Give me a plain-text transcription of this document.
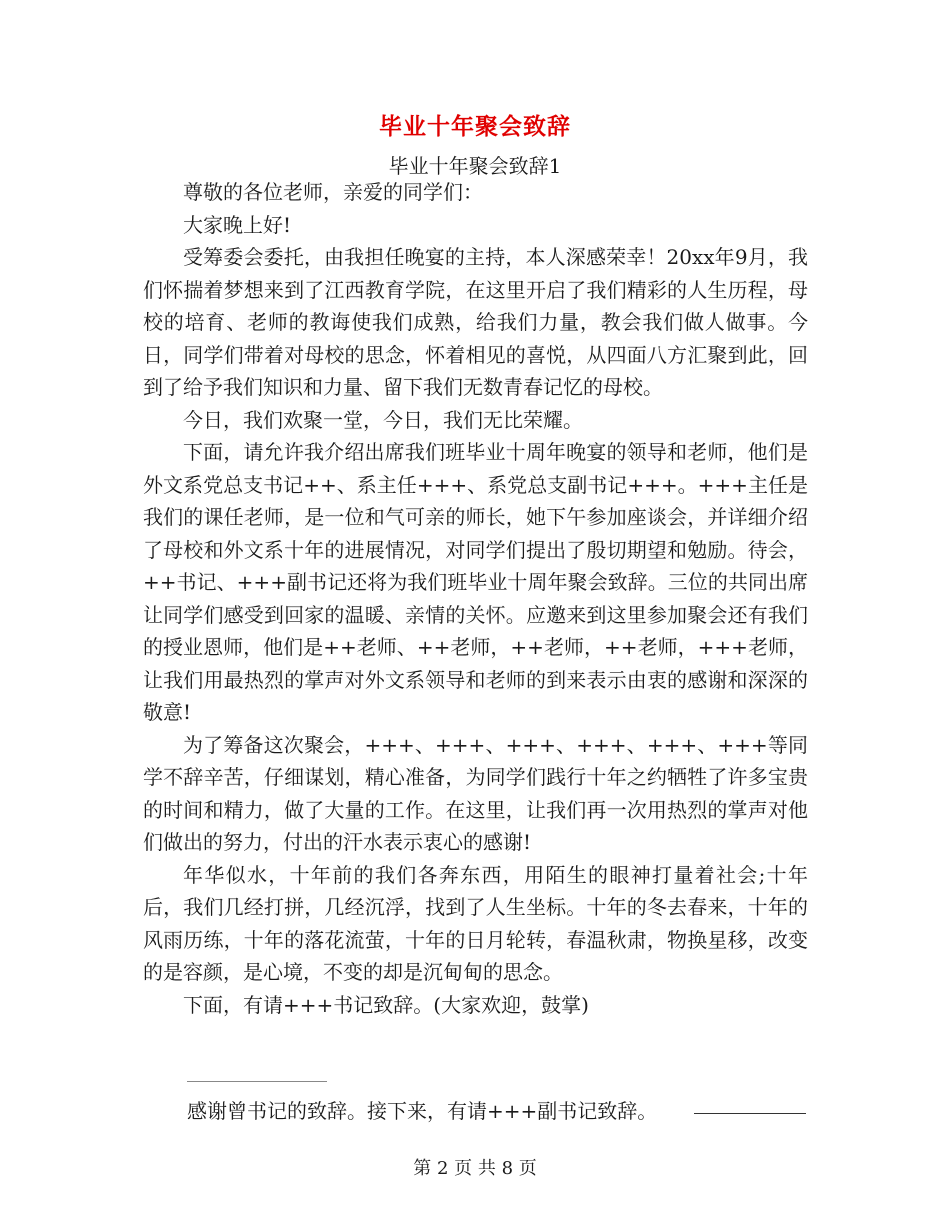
毕业十年聚会致辞
毕业十年聚会致辞1

尊敬的各位老师，亲爱的同学们：

大家晚上好!

受筹委会委托，由我担任晚宴的主持，本人深感荣幸！20xx年9月，我们怀揣着梦想来到了江西教育学院，在这里开启了我们精彩的人生历程，母校的培育、老师的教诲使我们成熟，给我们力量，教会我们做人做事。今日，同学们带着对母校的思念，怀着相见的喜悦，从四面八方汇聚到此，回到了给予我们知识和力量、留下我们无数青春记忆的母校。

今日，我们欢聚一堂，今日，我们无比荣耀。

下面，请允许我介绍出席我们班毕业十周年晚宴的领导和老师，他们是外文系党总支书记++、系主任+++、系党总支副书记+++。+++主任是我们的课任老师，是一位和气可亲的师长，她下午参加座谈会，并详细介绍了母校和外文系十年的进展情况，对同学们提出了殷切期望和勉励。待会，++书记、+++副书记还将为我们班毕业十周年聚会致辞。三位的共同出席让同学们感受到回家的温暖、亲情的关怀。应邀来到这里参加聚会还有我们的授业恩师，他们是++老师、++老师，++老师，++老师，+++老师，让我们用最热烈的掌声对外文系领导和老师的到来表示由衷的感谢和深深的敬意!

为了筹备这次聚会，+++、+++、+++、+++、+++、+++等同学不辞辛苦，仔细谋划，精心准备，为同学们践行十年之约牺牲了许多宝贵的时间和精力，做了大量的工作。在这里，让我们再一次用热烈的掌声对他们做出的努力，付出的汗水表示衷心的感谢!

年华似水，十年前的我们各奔东西，用陌生的眼神打量着社会;十年后，我们几经打拼，几经沉浮，找到了人生坐标。十年的冬去春来，十年的风雨历练，十年的落花流萤，十年的日月轮转，春温秋肃，物换星移，改变的是容颜，是心境，不变的却是沉甸甸的思念。

下面，有请+++书记致辞。(大家欢迎，鼓掌)

感谢曾书记的致辞。接下来，有请+++副书记致辞。
第 2 页 共 8 页
